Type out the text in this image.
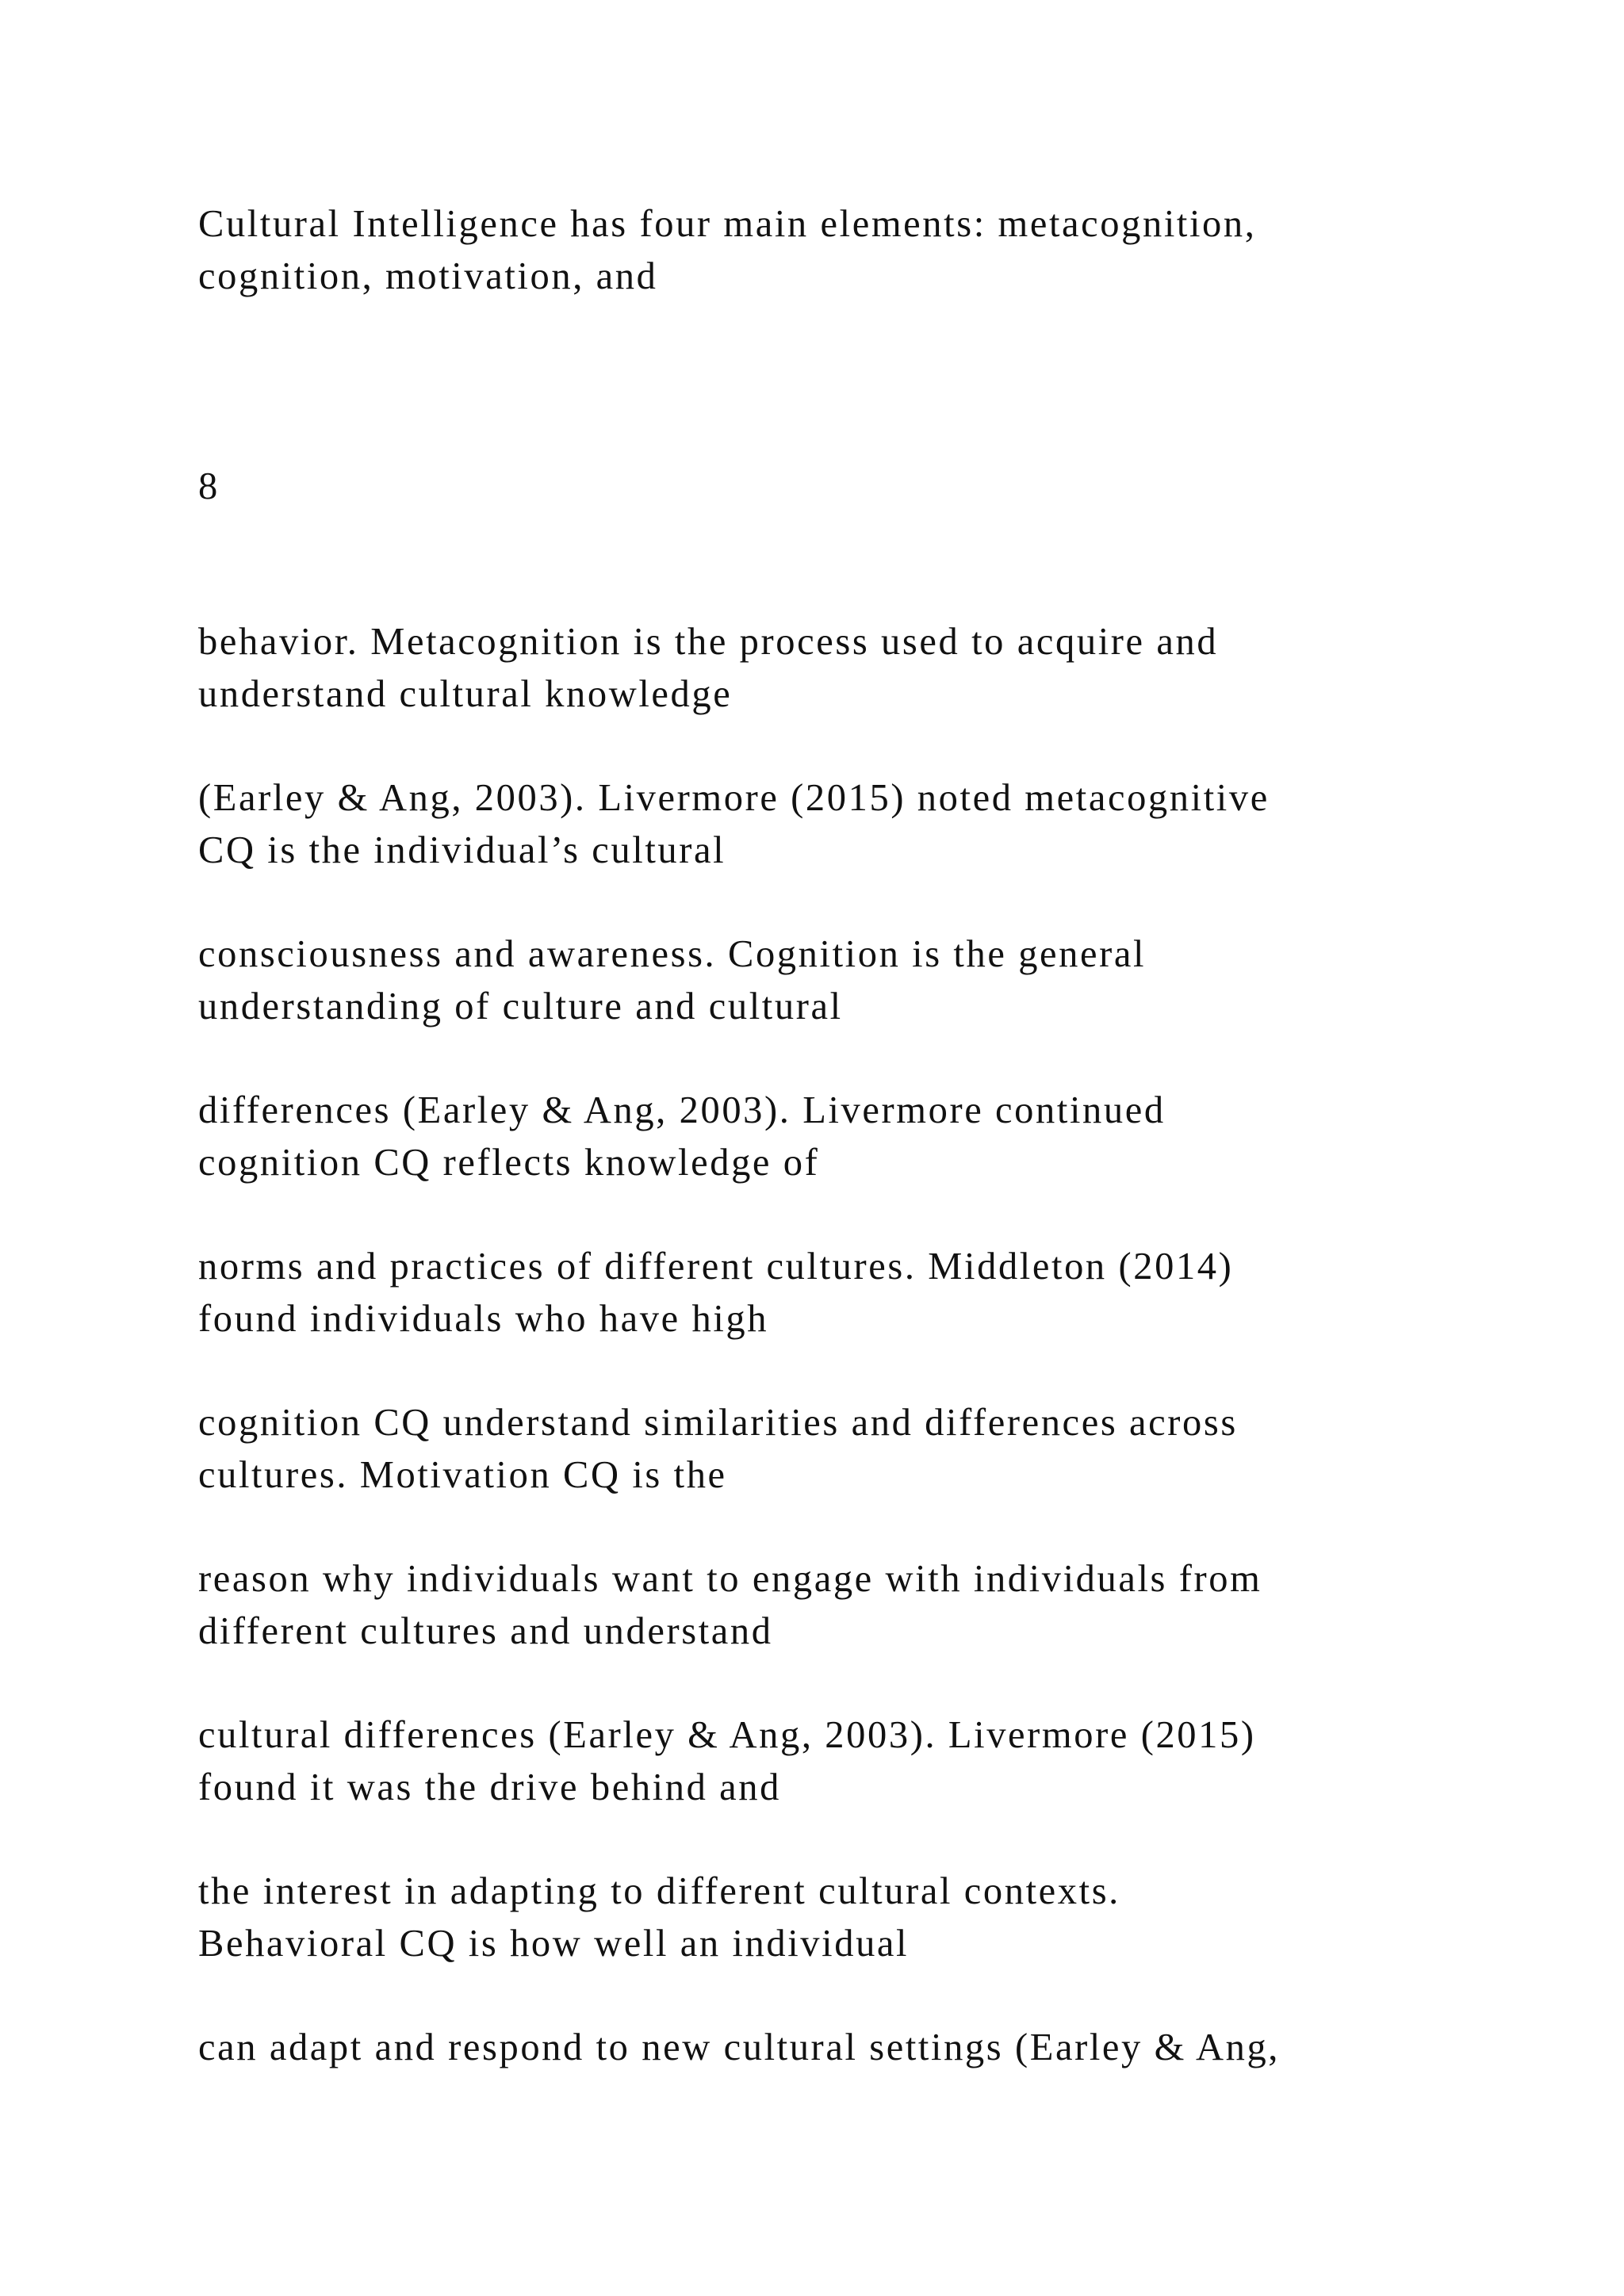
Cultural Intelligence has four main elements: metacognition,
cognition, motivation, and
8
behavior. Metacognition is the process used to acquire and
understand cultural knowledge
(Earley & Ang, 2003). Livermore (2015) noted metacognitive
CQ is the individual’s cultural
consciousness and awareness. Cognition is the general
understanding of culture and cultural
differences (Earley & Ang, 2003). Livermore continued
cognition CQ reflects knowledge of
norms and practices of different cultures. Middleton (2014)
found individuals who have high
cognition CQ understand similarities and differences across
cultures. Motivation CQ is the
reason why individuals want to engage with individuals from
different cultures and understand
cultural differences (Earley & Ang, 2003). Livermore (2015)
found it was the drive behind and
the interest in adapting to different cultural contexts.
Behavioral CQ is how well an individual
can adapt and respond to new cultural settings (Earley & Ang,
